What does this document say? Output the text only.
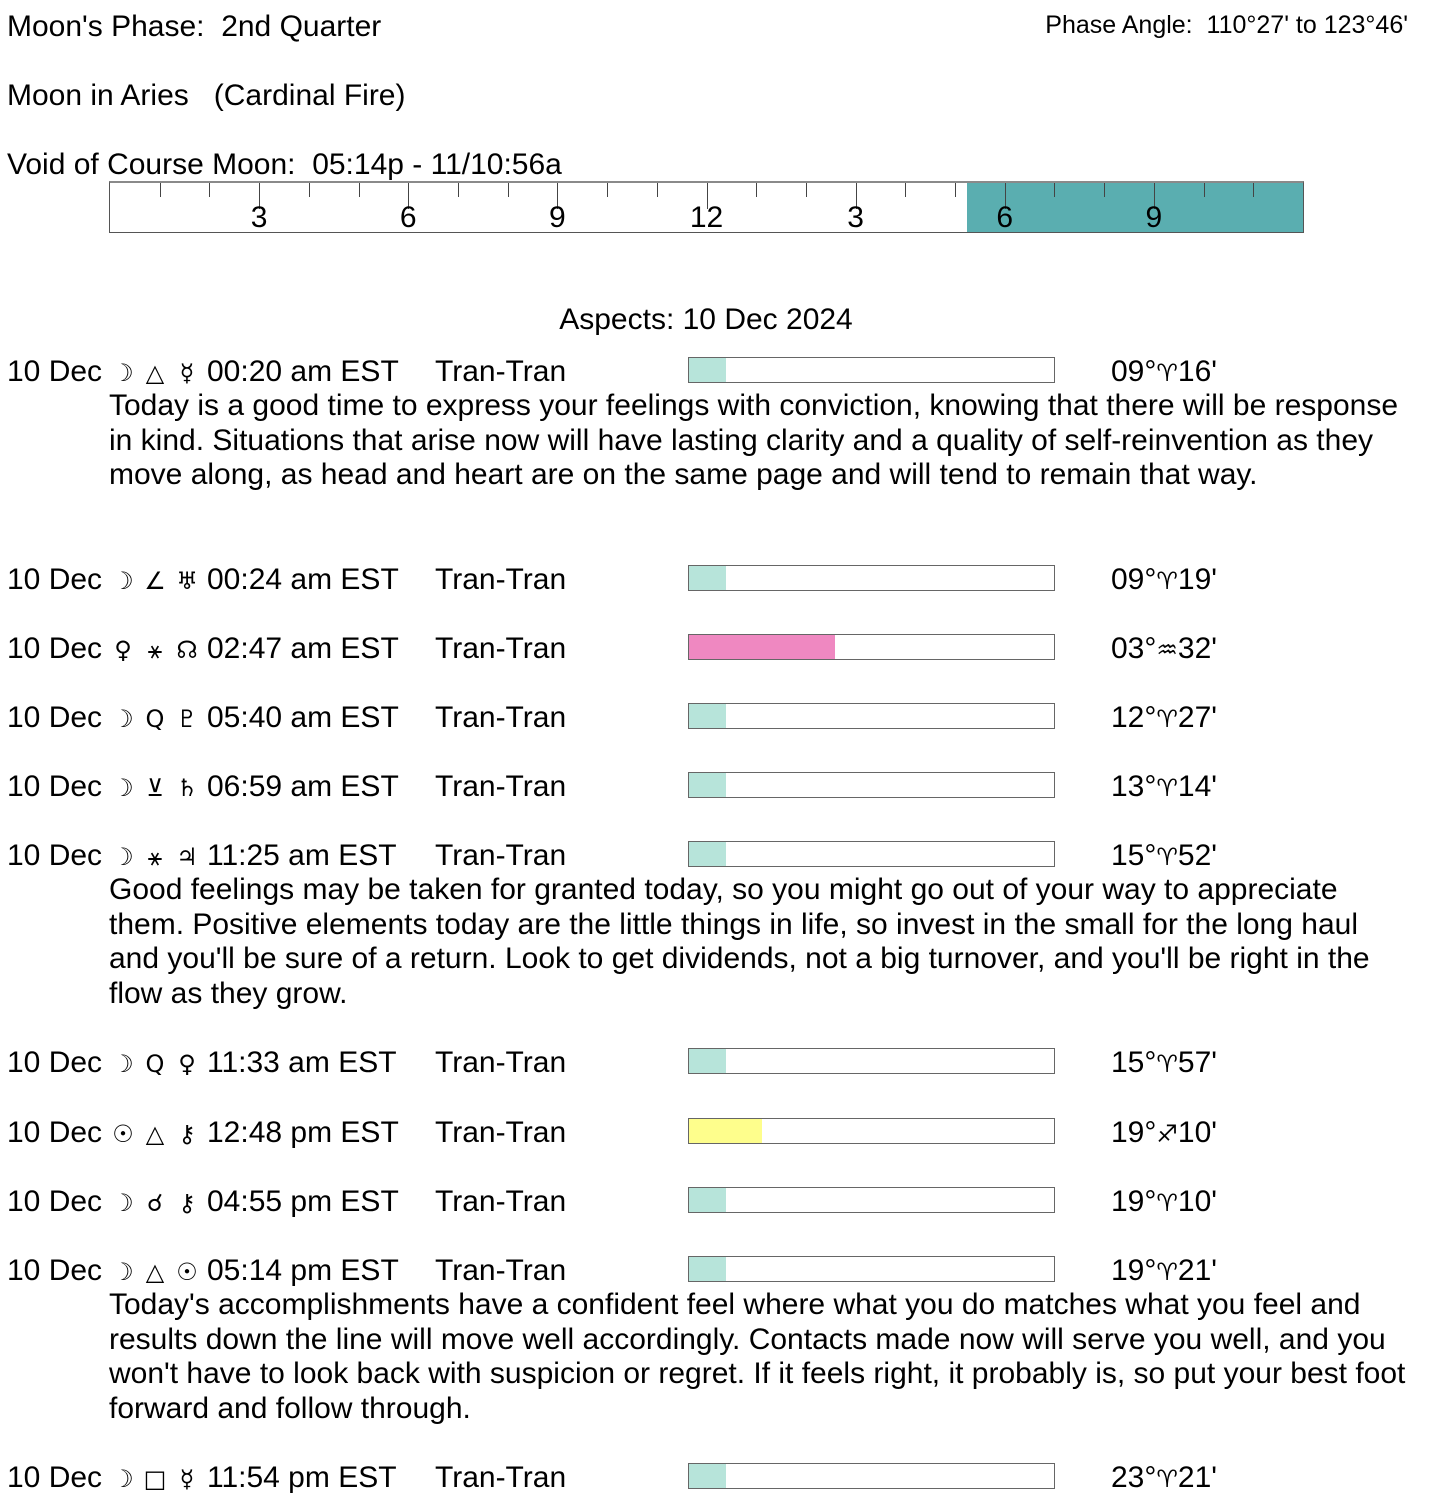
Moon's Phase: 2nd Quarter	Phase Angle: 110°27' to 123°46'
Moon in Aries (Cardinal Fire)
Void of Course Moon: 05:14p - 11/10:56a
3	6	9	12	3	6	9
Aspects: 10 Dec 2024
10 Dec ☽ △ ☿ 00:20 am EST Tran-Tran	09°♈16'
Today is a good time to express your feelings with conviction, knowing that there will be response in kind. Situations that arise now will have lasting clarity and a quality of self-reinvention as they move along, as head and heart are on the same page and will tend to remain that way.
10 Dec ☽ ∠ ♅ 00:24 am EST Tran-Tran	09°♈19'
10 Dec ♀ ⚹ ☊ 02:47 am EST Tran-Tran	03°♒32'
10 Dec ☽ Q ♇ 05:40 am EST Tran-Tran	12°♈27'
10 Dec ☽ ⊻ ♄ 06:59 am EST Tran-Tran	13°♈14'
10 Dec ☽ ⚹ ♃ 11:25 am EST Tran-Tran	15°♈52'
Good feelings may be taken for granted today, so you might go out of your way to appreciate them. Positive elements today are the little things in life, so invest in the small for the long haul and you'll be sure of a return. Look to get dividends, not a big turnover, and you'll be right in the flow as they grow.
10 Dec ☽ Q ♀ 11:33 am EST Tran-Tran	15°♈57'
10 Dec ☉ △ ⚷ 12:48 pm EST Tran-Tran	19°♐10'
10 Dec ☽ ☌ ⚷ 04:55 pm EST Tran-Tran	19°♈10'
10 Dec ☽ △ ☉ 05:14 pm EST Tran-Tran	19°♈21'
Today's accomplishments have a confident feel where what you do matches what you feel and results down the line will move well accordingly. Contacts made now will serve you well, and you won't have to look back with suspicion or regret. If it feels right, it probably is, so put your best foot forward and follow through.
10 Dec ☽ □ ☿ 11:54 pm EST Tran-Tran	23°♈21'
